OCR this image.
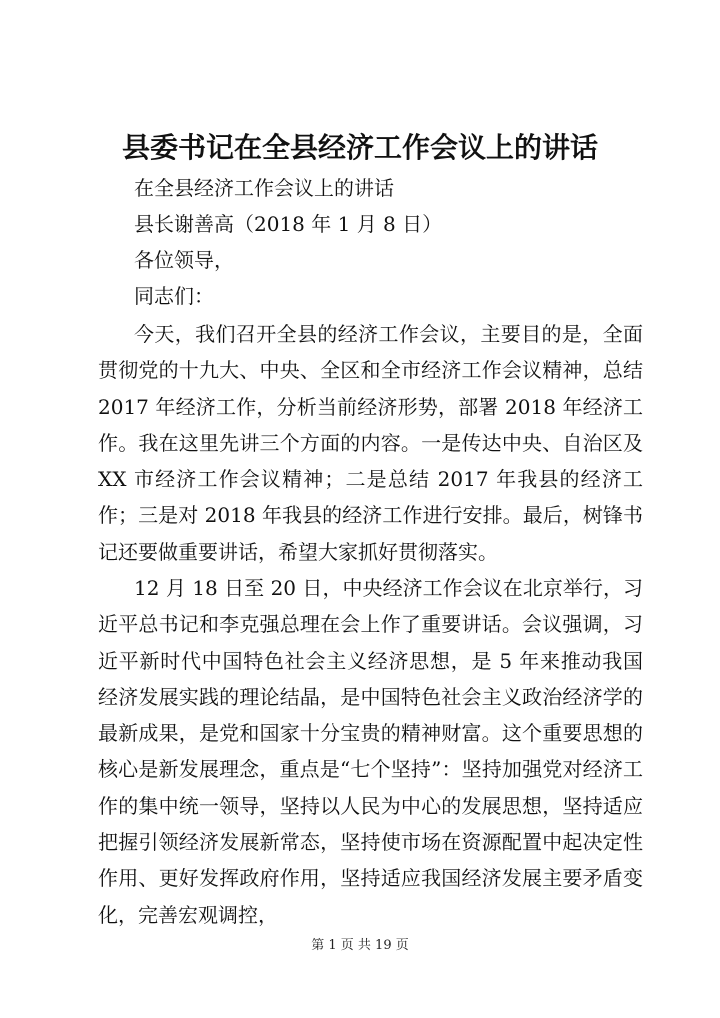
县委书记在全县经济工作会议上的讲话

在全县经济工作会议上的讲话

县长谢善高（2018 年 1 月 8 日）

各位领导，

同志们：

今天，我们召开全县的经济工作会议，主要目的是，全面贯彻党的十九大、中央、全区和全市经济工作会议精神，总结 2017 年经济工作，分析当前经济形势，部署 2018 年经济工作。我在这里先讲三个方面的内容。一是传达中央、自治区及 XX 市经济工作会议精神；二是总结 2017 年我县的经济工作；三是对 2018 年我县的经济工作进行安排。最后，树锋书记还要做重要讲话，希望大家抓好贯彻落实。

12 月 18 日至 20 日，中央经济工作会议在北京举行，习近平总书记和李克强总理在会上作了重要讲话。会议强调，习近平新时代中国特色社会主义经济思想，是 5 年来推动我国经济发展实践的理论结晶，是中国特色社会主义政治经济学的最新成果，是党和国家十分宝贵的精神财富。这个重要思想的核心是新发展理念，重点是“七个坚持”：坚持加强党对经济工作的集中统一领导，坚持以人民为中心的发展思想，坚持适应把握引领经济发展新常态，坚持使市场在资源配置中起决定性作用、更好发挥政府作用，坚持适应我国经济发展主要矛盾变化，完善宏观调控，

第 1 页 共 19 页
